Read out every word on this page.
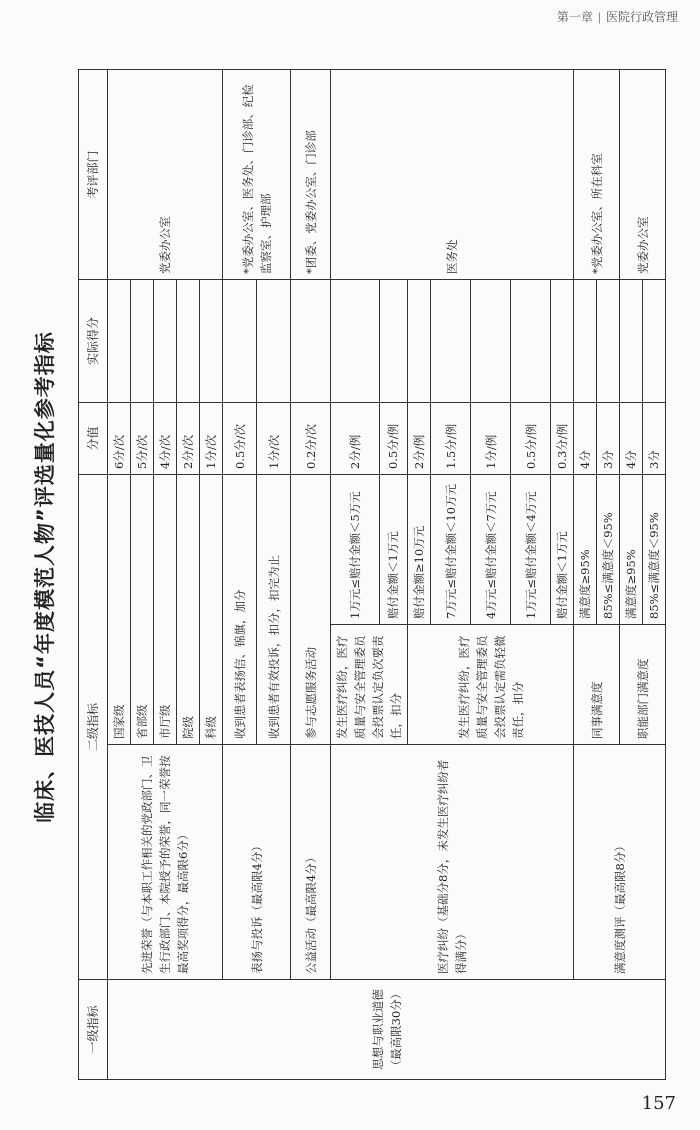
第一章 | 医院行政管理
临床、医技人员“年度模范人物”评选量化参考指标
一级指标	二级指标			分值	实际得分	考评部门
思想与职业道德（最高限30分）	先进荣誉（与本职工作相关的党政部门、卫生行政部门、本院授予的荣誉，同一荣誉按最高奖项得分，最高限6分）	国家级		6分/次		党委办公室
		省部级		5分/次		
		市厅级		4分/次		
		院级		2分/次		
		科级		1分/次		
	表扬与投诉（最高限4分）	收到患者表扬信、锦旗，加分		0.5分/次		*党委办公室、医务处、门诊部、纪检监察室、护理部
		收到患者有效投诉，扣分，扣完为止		1分/次		
	公益活动（最高限4分）	参与志愿服务活动		0.2分/次		*团委、党委办公室、门诊部
	医疗纠纷（基础分8分，未发生医疗纠纷者得满分）	发生医疗纠纷，医疗质量与安全管理委员会投票认定负次要责任，扣分	1万元≤赔付金额＜5万元	2分/例		医务处
			赔付金额＜1万元	0.5分/例		
		发生医疗纠纷，医疗质量与安全管理委员会投票认定需负轻微责任，扣分	赔付金额≥10万元	2分/例		
			7万元≤赔付金额＜10万元	1.5分/例		
			4万元≤赔付金额＜7万元	1分/例		
			1万元≤赔付金额＜4万元	0.5分/例		
			赔付金额＜1万元	0.3分/例		
	满意度测评（最高限8分）	同事满意度	满意度≥95%	4分		*党委办公室、所在科室
			85%≤满意度＜95%	3分		
		职能部门满意度	满意度≥95%	4分		党委办公室
			85%≤满意度＜95%	3分		
157
